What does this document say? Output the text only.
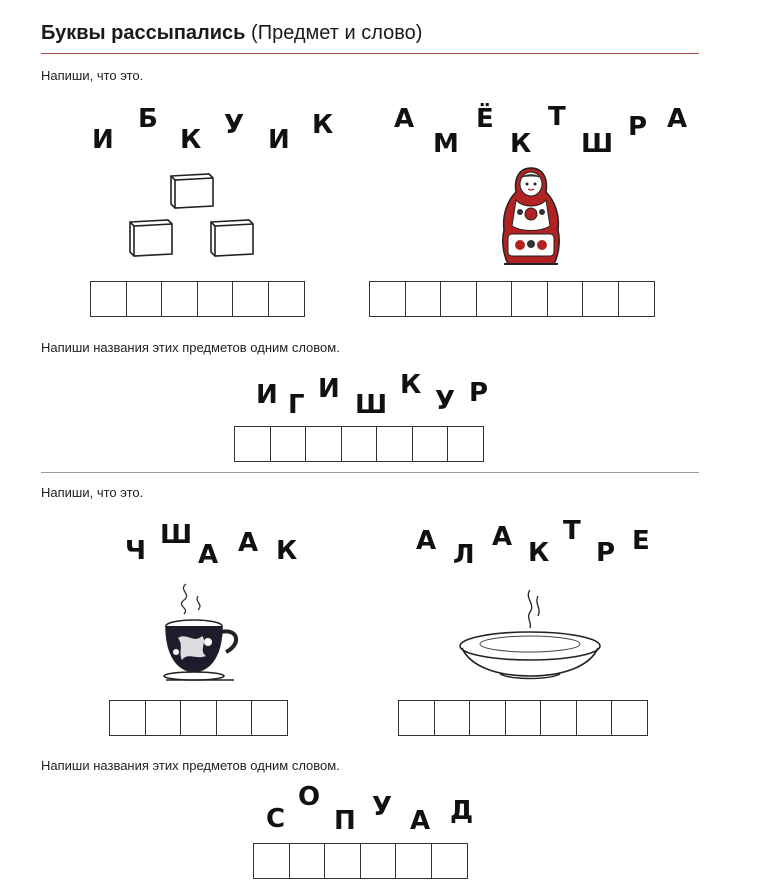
Буквы рассыпались (Предмет и слово)
Напиши, что это.
И
Б
К У И К А
М
Ё
К
Т
Ш
Р А
Напиши названия этих предметов одним словом.
И Г
И
Ш
К
У Р
Напиши, что это.
Ч
Ш
А А К	А Л
А
К
Т
Р Е
Напиши названия этих предметов одним словом.
С
О
П У А Д
